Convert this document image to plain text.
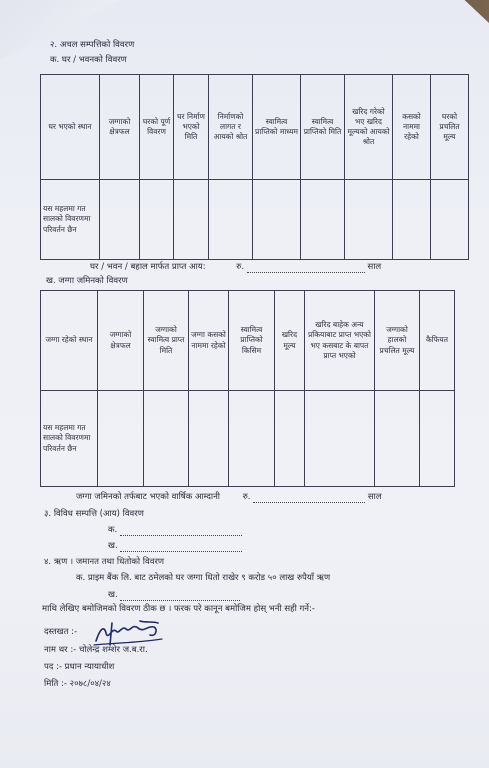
२. अचल सम्पत्तिको विवरण
क. घर / भवनको विवरण
घर भएको स्थान	जग्गाको क्षेत्रफल	घरको पूर्ण विवरण	घर निर्माण भएको मिति	निर्माणको लागत र आयको श्रोत	स्वामित्व प्राप्तिको माध्यम	स्वामित्व प्राप्तिको मिति	खरिद गरेको भए खरिद मूल्यको आयको श्रोत	कसको नाममा रहेको	घरको प्रचलित मूल्य
यस महलमा गत सालको विवरणमा परिवर्तन छैन									
घर / भवन / बहाल मार्फत प्राप्त आय:	रु.	साल
ख. जग्गा जमिनको विवरण
जग्गा रहेको स्थान	जग्गाको क्षेत्रफल	जग्गाको स्वामित्व प्राप्त मिति	जग्गा कसको नाममा रहेको	स्वामित्व प्राप्तिको किसिम	खरिद मूल्य	खरिद बाहेक अन्य प्रकियाबाट प्राप्त भएको भए कसबाट के बापत प्राप्त भएको	जग्गाको हालको प्रचलित मूल्य	कैफियत
यस महलमा गत सालको विवरणमा परिवर्तन छैन								
जग्गा जमिनको तर्फबाट भएको वार्षिक आम्दानी	रु.	साल
३. विविध सम्पत्ति (आय) विवरण
क.
ख.
४. ऋण । जमानत तथा धितोको विवरण
क. प्राइम बैंक लि. बाट ठमेलको घर जग्गा धितो राखेर ९ करोड ५० लाख रुपैयाँ ऋण
ख.
माथि लेखिए बमोजिमको विवरण ठीक छ । फरक परे कानून बमोजिम होस् भनी सही गर्ने:-
दस्तखत :-
नाम थर :- चोलेन्द्र शम्शेर ज.ब.रा.
पद :- प्रधान न्यायाधीश
मिति :- २०७८/०४/२४
